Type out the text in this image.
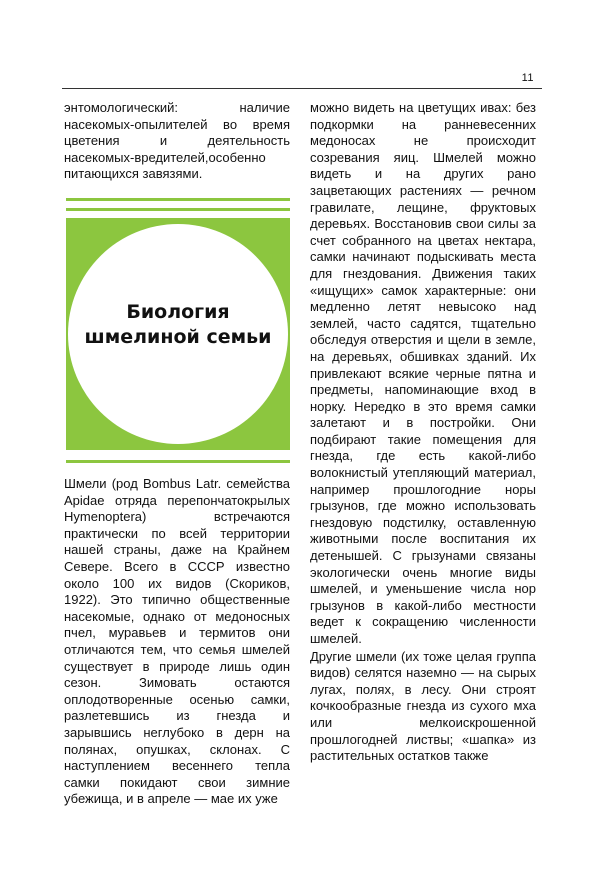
11

энтомологический: наличие насекомых-опылителей во время цветения и деятельность насекомых-вредителей,особенно питающихся завязями.

Биология
шмелиной семьи

Шмели (род Bombus Latr. семейства Apidae отряда перепончатокрылых Hymenoptera) встречаются практически по всей территории нашей страны, даже на Крайнем Севере. Всего в СССР известно около 100 их видов (Скориков, 1922). Это типично общественные насекомые, однако от медоносных пчел, муравьев и термитов они отличаются тем, что семья шмелей существует в природе лишь один сезон. Зимовать остаются оплодотворенные осенью самки, разлетевшись из гнезда и зарывшись неглубоко в дерн на полянах, опушках, склонах. С наступлением весеннего тепла самки покидают свои зимние убежища, и в апреле — мае их уже

можно видеть на цветущих ивах: без подкормки на ранневесенних медоносах не происходит созревания яиц. Шмелей можно видеть и на других рано зацветающих растениях — речном гравилате, лещине, фруктовых деревьях. Восстановив свои силы за счет собранного на цветах нектара, самки начинают подыскивать места для гнездования. Движения таких «ищущих» самок характерные: они медленно летят невысоко над землей, часто садятся, тщательно обследуя отверстия и щели в земле, на деревьях, обшивках зданий. Их привлекают всякие черные пятна и предметы, напоминающие вход в норку. Нередко в это время самки залетают и в постройки. Они подбирают такие помещения для гнезда, где есть какой-либо волокнистый утепляющий материал, например прошлогодние норы грызунов, где можно использовать гнездовую подстилку, оставленную животными после воспитания их детенышей. С грызунами связаны экологически очень многие виды шмелей, и уменьшение числа нор грызунов в какой-либо местности ведет к сокращению численности шмелей.

Другие шмели (их тоже целая группа видов) селятся наземно — на сырых лугах, полях, в лесу. Они строят кочкообразные гнезда из сухого мха или мелкоискрошенной прошлогодней листвы; «шапка» из растительных остатков также
